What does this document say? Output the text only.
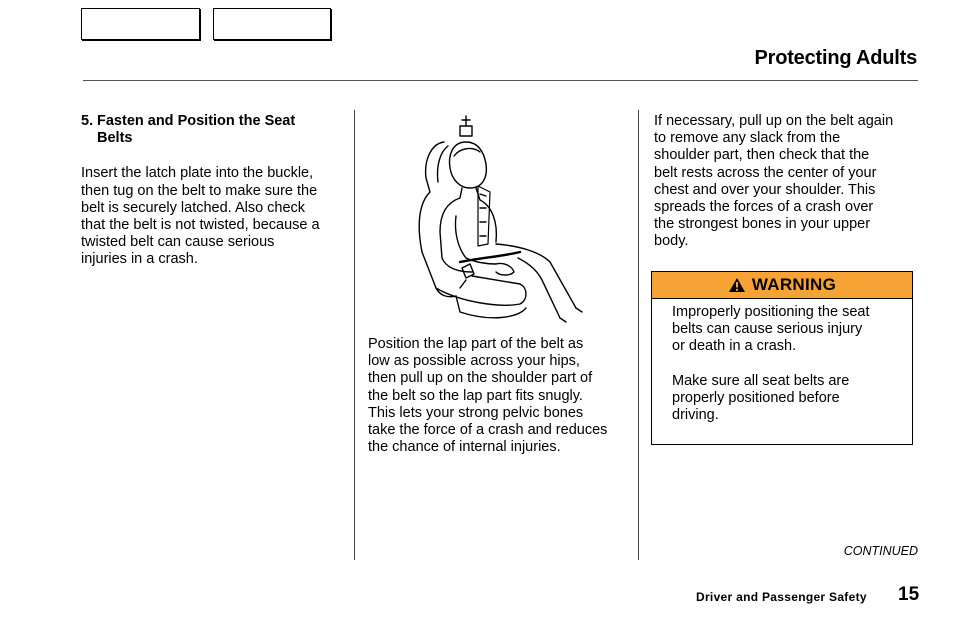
Protecting Adults
5. Fasten and Position the Seat
Belts
Insert the latch plate into the buckle,
then tug on the belt to make sure the
belt is securely latched. Also check
that the belt is not twisted, because a
twisted belt can cause serious
injuries in a crash.
Position the lap part of the belt as
low as possible across your hips,
then pull up on the shoulder part of
the belt so the lap part fits snugly.
This lets your strong pelvic bones
take the force of a crash and reduces
the chance of internal injuries.
If necessary, pull up on the belt again
to remove any slack from the
shoulder part, then check that the
belt rests across the center of your
chest and over your shoulder. This
spreads the forces of a crash over
the strongest bones in your upper
body.
WARNING
Improperly positioning the seat
belts can cause serious injury
or death in a crash.

Make sure all seat belts are
properly positioned before
driving.
CONTINUED
Driver and Passenger Safety 15
